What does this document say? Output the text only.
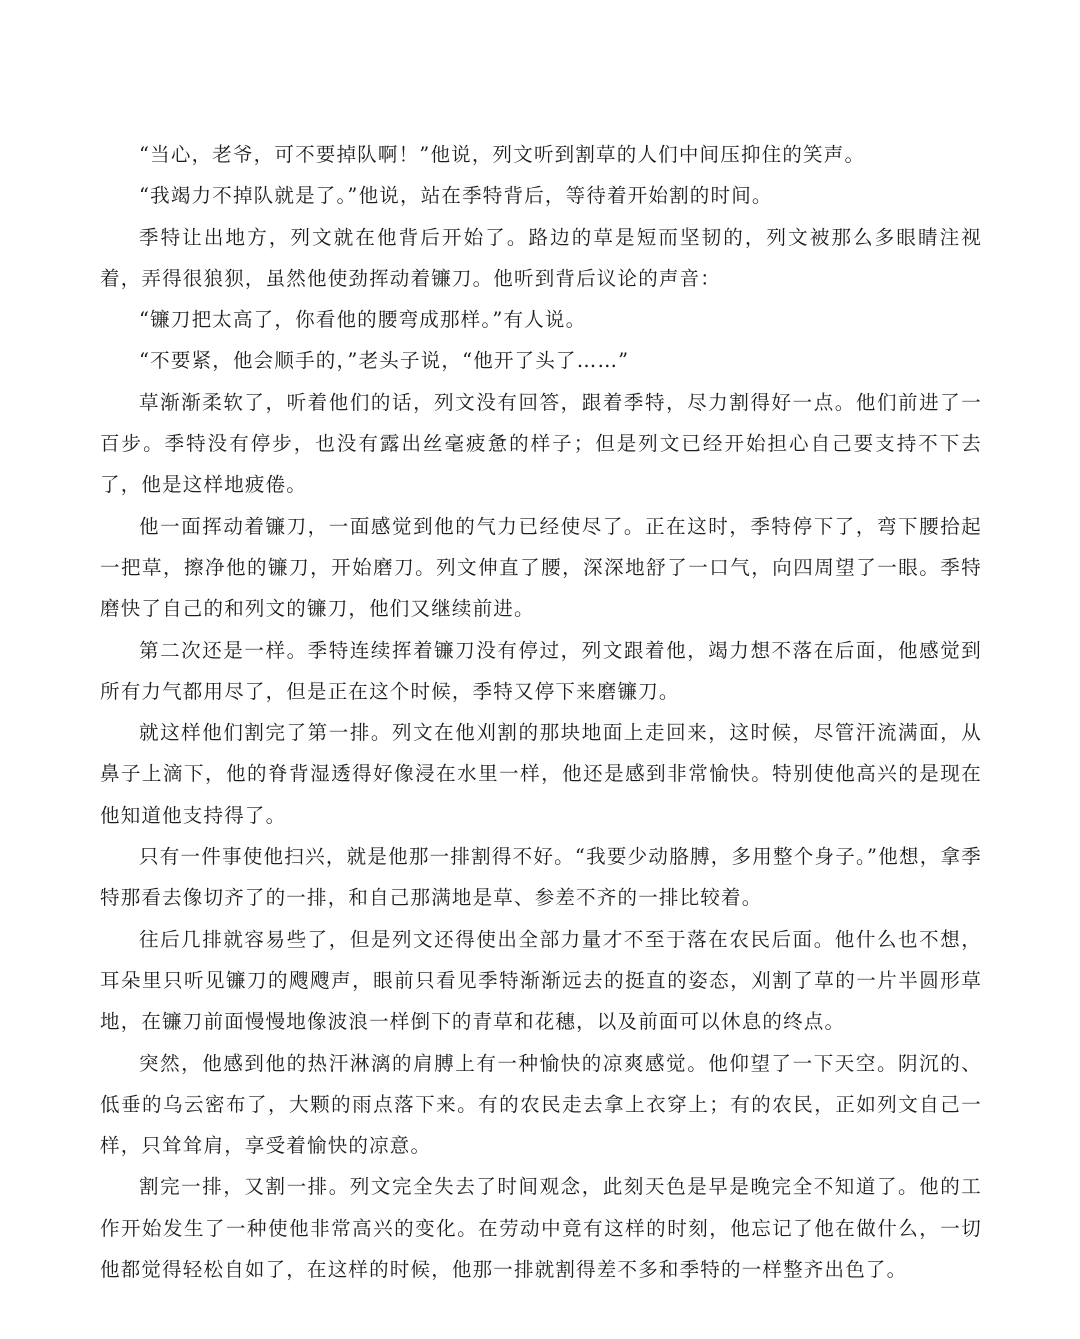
“当心，老爷，可不要掉队啊！”他说，列文听到割草的人们中间压抑住的笑声。

“我竭力不掉队就是了。”他说，站在季特背后，等待着开始割的时间。

季特让出地方，列文就在他背后开始了。路边的草是短而坚韧的，列文被那么多眼睛注视着，弄得很狼狈，虽然他使劲挥动着镰刀。他听到背后议论的声音：

“镰刀把太高了，你看他的腰弯成那样。”有人说。

“不要紧，他会顺手的，”老头子说，“他开了头了……”

草渐渐柔软了，听着他们的话，列文没有回答，跟着季特，尽力割得好一点。他们前进了一百步。季特没有停步，也没有露出丝毫疲惫的样子；但是列文已经开始担心自己要支持不下去了，他是这样地疲倦。

他一面挥动着镰刀，一面感觉到他的气力已经使尽了。正在这时，季特停下了，弯下腰拾起一把草，擦净他的镰刀，开始磨刀。列文伸直了腰，深深地舒了一口气，向四周望了一眼。季特磨快了自己的和列文的镰刀，他们又继续前进。

第二次还是一样。季特连续挥着镰刀没有停过，列文跟着他，竭力想不落在后面，他感觉到所有力气都用尽了，但是正在这个时候，季特又停下来磨镰刀。

就这样他们割完了第一排。列文在他刈割的那块地面上走回来，这时候，尽管汗流满面，从鼻子上滴下，他的脊背湿透得好像浸在水里一样，他还是感到非常愉快。特别使他高兴的是现在他知道他支持得了。

只有一件事使他扫兴，就是他那一排割得不好。“我要少动胳膊，多用整个身子。”他想，拿季特那看去像切齐了的一排，和自己那满地是草、参差不齐的一排比较着。

往后几排就容易些了，但是列文还得使出全部力量才不至于落在农民后面。他什么也不想，耳朵里只听见镰刀的飕飕声，眼前只看见季特渐渐远去的挺直的姿态，刈割了草的一片半圆形草地，在镰刀前面慢慢地像波浪一样倒下的青草和花穗，以及前面可以休息的终点。

突然，他感到他的热汗淋漓的肩膊上有一种愉快的凉爽感觉。他仰望了一下天空。阴沉的、低垂的乌云密布了，大颗的雨点落下来。有的农民走去拿上衣穿上；有的农民，正如列文自己一样，只耸耸肩，享受着愉快的凉意。

割完一排，又割一排。列文完全失去了时间观念，此刻天色是早是晚完全不知道了。他的工作开始发生了一种使他非常高兴的变化。在劳动中竟有这样的时刻，他忘记了他在做什么，一切他都觉得轻松自如了，在这样的时候，他那一排就割得差不多和季特的一样整齐出色了。
